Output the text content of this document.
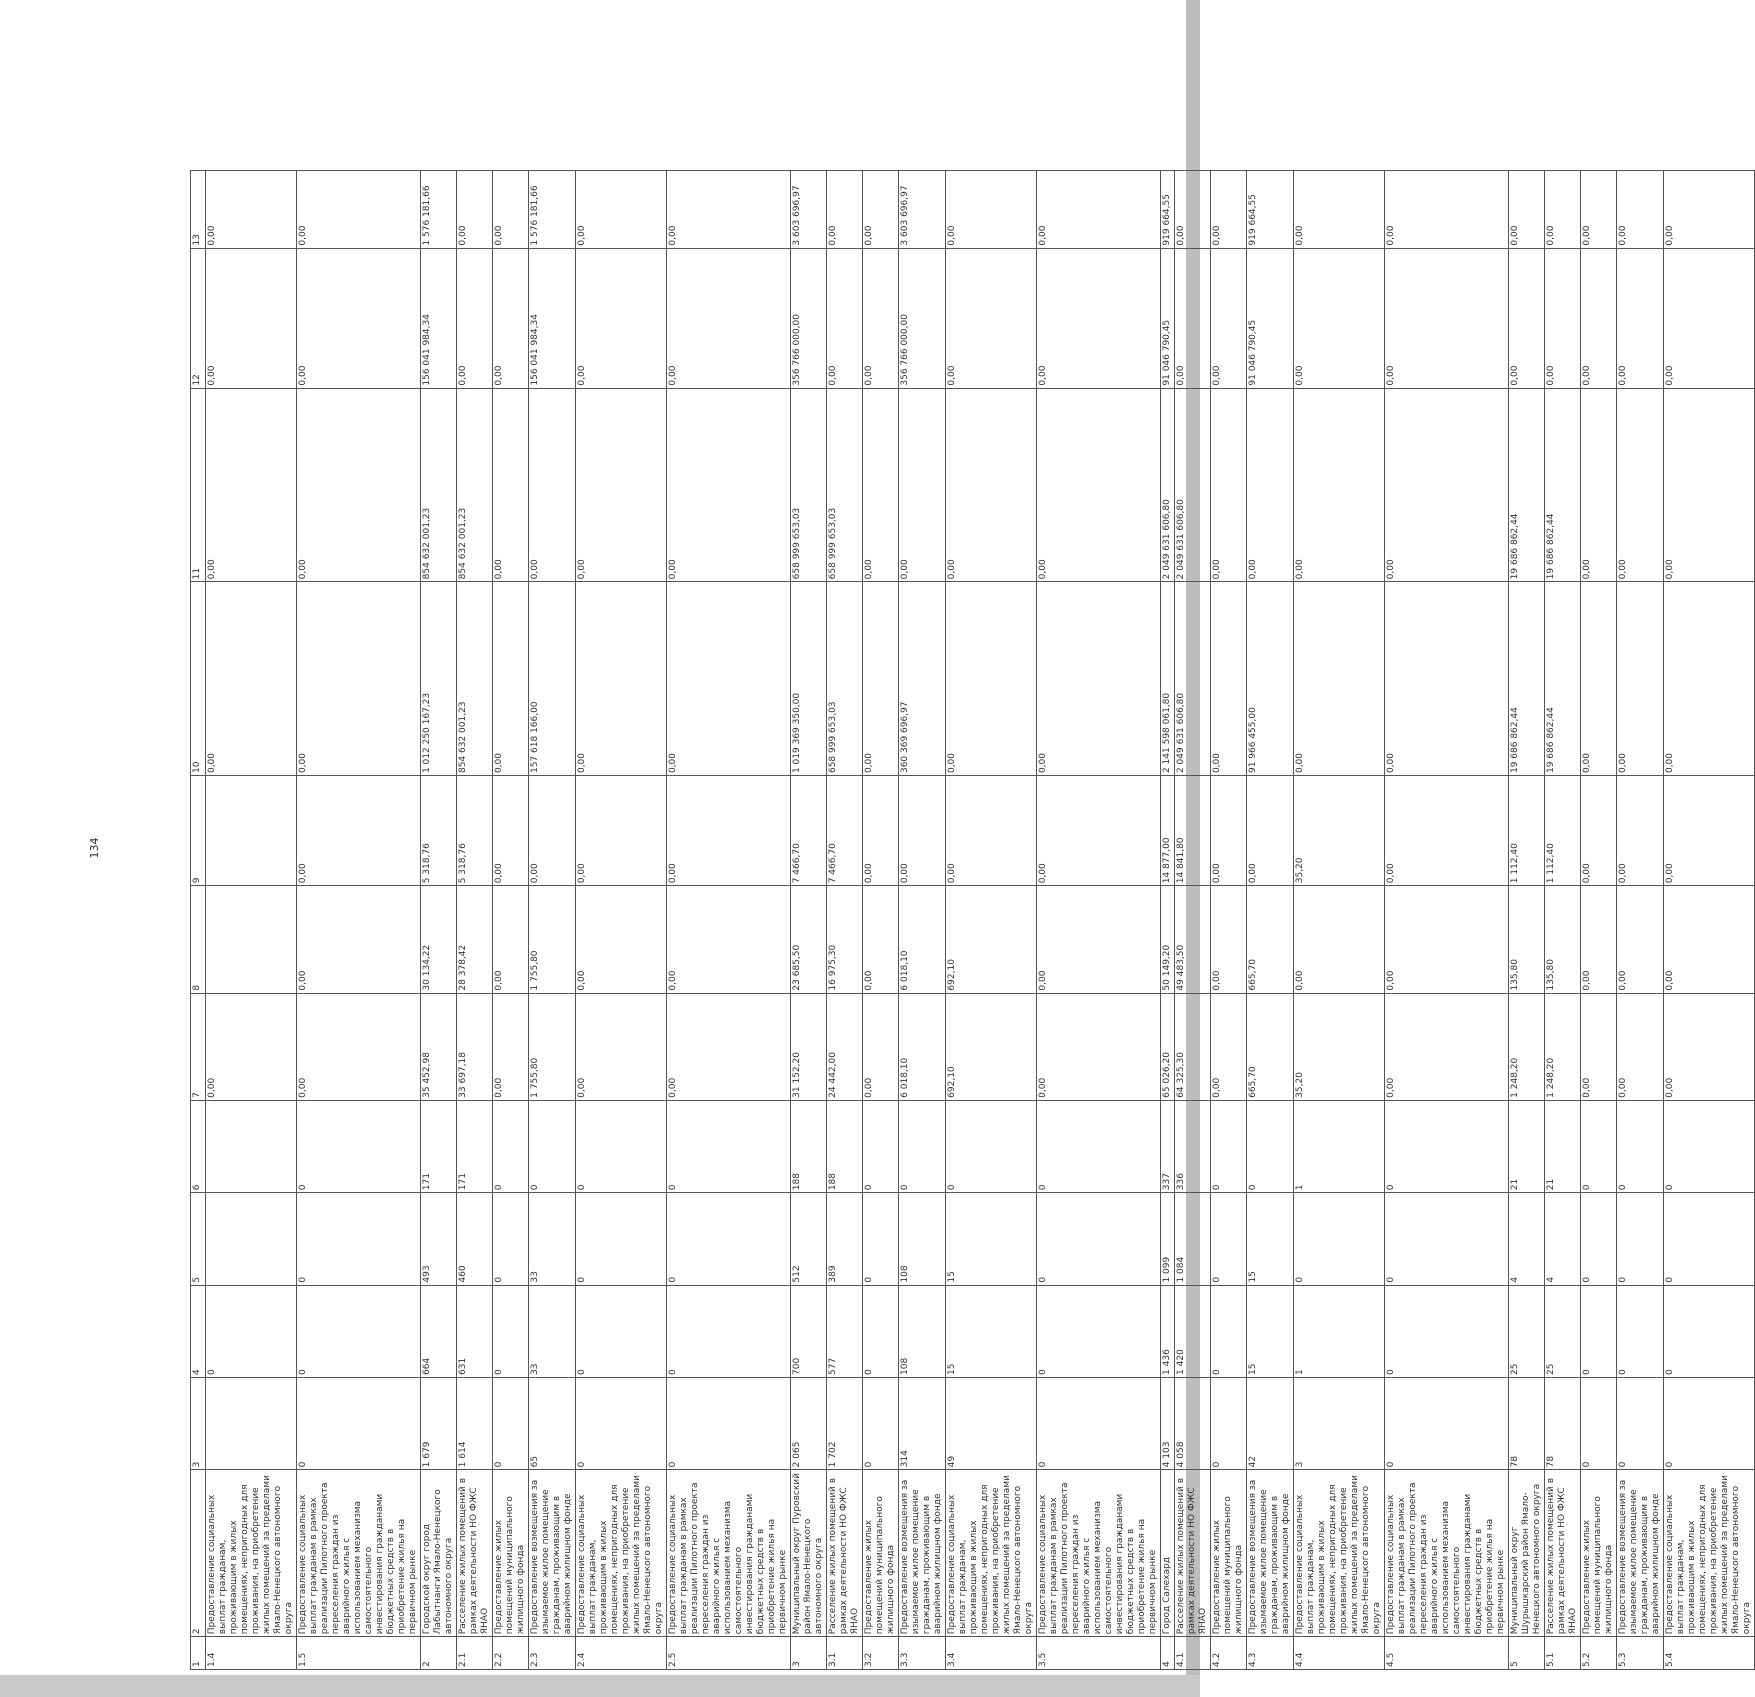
134
1	2	3	4	5	6	7	8	9	10	11	12	13
1.4	Предоставление социальных выплат гражданам, проживающим в жилых помещениях, непригодных для проживания, на приобретение жилых помещений за пределами Ямало-Ненецкого автономного округа		0			0,00			0,00	0,00	0,00	0,00
1.5	Предоставление социальных выплат гражданам в рамках реализации Пилотного проекта переселения граждан из аварийного жилья с использованием механизма самостоятельного инвестирования гражданами бюджетных средств в приобретение жилья на первичном рынке	0	0	0	0	0,00	0,00	0,00	0,00	0,00	0,00	0,00
2	Городской округ город Лабытнанги Ямало-Ненецкого автономного округа	1 679	664	493	171	35 452,98	30 134,22	5 318,76	1 012 250 167,23	854 632 001,23	156 041 984,34	1 576 181,66
2.1	Расселение жилых помещений в рамках деятельности НО ФЖС ЯНАО	1 614	631	460	171	33 697,18	28 378,42	5 318,76	854 632 001,23	854 632 001,23	0,00	0,00
2.2	Предоставление жилых помещений муниципального жилищного фонда	0	0	0	0	0,00	0,00	0,00	0,00	0,00	0,00	0,00
2.3	Предоставление возмещения за изымаемое жилое помещение гражданам, проживающим в аварийном жилищном фонде	65	33	33	0	1 755,80	1 755,80	0,00	157 618 166,00	0,00	156 041 984,34	1 576 181,66
2.4	Предоставление социальных выплат гражданам, проживающим в жилых помещениях, непригодных для проживания, на приобретение жилых помещений за пределами Ямало-Ненецкого автономного округа	0	0	0	0	0,00	0,00	0,00	0,00	0,00	0,00	0,00
2.5	Предоставление социальных выплат гражданам в рамках реализации Пилотного проекта переселения граждан из аварийного жилья с использованием механизма самостоятельного инвестирования гражданами бюджетных средств в приобретение жилья на первичном рынке	0	0	0	0	0,00	0,00	0,00	0,00	0,00	0,00	0,00
3	Муниципальный округ Пуровский район Ямало-Ненецкого автономного округа	2 065	700	512	188	31 152,20	23 685,50	7 466,70	1 019 369 350,00	658 999 653,03	356 766 000,00	3 603 696,97
3.1	Расселение жилых помещений в рамках деятельности НО ФЖС ЯНАО	1 702	577	389	188	24 442,00	16 975,30	7 466,70	658 999 653,03	658 999 653,03	0,00	0,00
3.2	Предоставление жилых помещений муниципального жилищного фонда	0	0	0	0	0,00	0,00	0,00	0,00	0,00	0,00	0,00
3.3	Предоставление возмещения за изымаемое жилое помещение гражданам, проживающим в аварийном жилищном фонде	314	108	108	0	6 018,10	6 018,10	0,00	360 369 696,97	0,00	356 766 000,00	3 603 696,97
3.4	Предоставление социальных выплат гражданам, проживающим в жилых помещениях, непригодных для проживания, на приобретение жилых помещений за пределами Ямало-Ненецкого автономного округа	49	15	15	0	692,10	692,10	0,00	0,00	0,00	0,00	0,00
3.5	Предоставление социальных выплат гражданам в рамках реализации Пилотного проекта переселения граждан из аварийного жилья с использованием механизма самостоятельного инвестирования гражданами бюджетных средств в приобретение жилья на первичном рынке	0	0	0	0	0,00	0,00	0,00	0,00	0,00	0,00	0,00
4	Город Салехард	4 103	1 436	1 099	337	65 026,20	50 149,20	14 877,00	2 141 598 061,80	2 049 631 606,80	91 046 790,45	919 664,55
4.1	Расселение жилых помещений в рамках деятельности НО ФЖС ЯНАО	4 058	1 420	1 084	336	64 325,30	49 483,50	14 841,80	2 049 631 606,80	2 049 631 606,80	0,00	0,00
4.2	Предоставление жилых помещений муниципального жилищного фонда	0	0	0	0	0,00	0,00	0,00	0,00	0,00	0,00	0,00
4.3	Предоставление возмещения за изымаемое жилое помещение гражданам, проживающим в аварийном жилищном фонде	42	15	15	0	665,70	665,70	0,00	91 966 455,00	0,00	91 046 790,45	919 664,55
4.4	Предоставление социальных выплат гражданам, проживающим в жилых помещениях, непригодных для проживания, на приобретение жилых помещений за пределами Ямало-Ненецкого автономного округа	3	1	0	1	35,20	0,00	35,20	0,00	0,00	0,00	0,00
4.5	Предоставление социальных выплат гражданам в рамках реализации Пилотного проекта переселения граждан из аварийного жилья с использованием механизма самостоятельного инвестирования гражданами бюджетных средств в приобретение жилья на первичном рынке	0	0	0	0	0,00	0,00	0,00	0,00	0,00	0,00	0,00
5	Муниципальный округ Шурышкарский район Ямало-Ненецкого автономного округа	78	25	4	21	1 248,20	135,80	1 112,40	19 686 862,44	19 686 862,44	0,00	0,00
5.1	Расселение жилых помещений в рамках деятельности НО ФЖС ЯНАО	78	25	4	21	1 248,20	135,80	1 112,40	19 686 862,44	19 686 862,44	0,00	0,00
5.2	Предоставление жилых помещений муниципального жилищного фонда	0	0	0	0	0,00	0,00	0,00	0,00	0,00	0,00	0,00
5.3	Предоставление возмещения за изымаемое жилое помещение гражданам, проживающим в аварийном жилищном фонде	0	0	0	0	0,00	0,00	0,00	0,00	0,00	0,00	0,00
5.4	Предоставление социальных выплат гражданам, проживающим в жилых помещениях, непригодных для проживания, на приобретение жилых помещений за пределами Ямало-Ненецкого автономного округа	0	0	0	0	0,00	0,00	0,00	0,00	0,00	0,00	0,00
